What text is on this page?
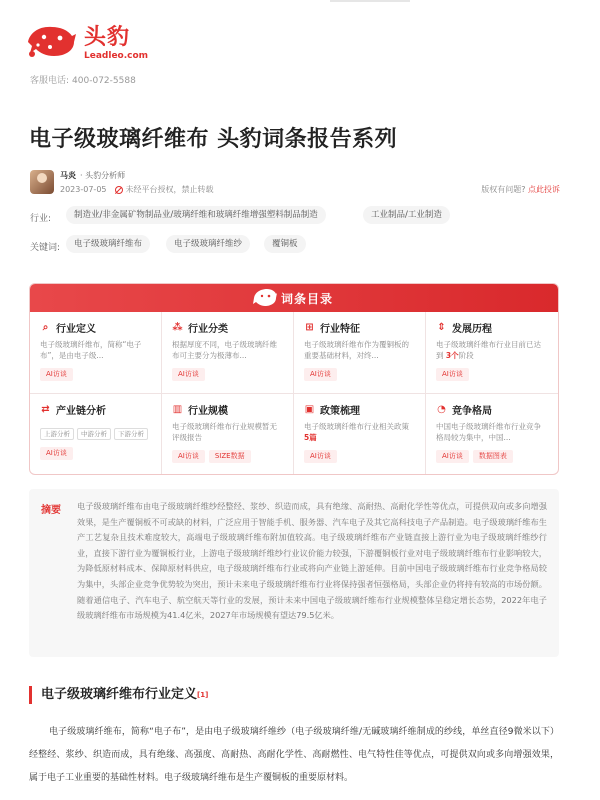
头豹
Leadleo.com
客服电话: 400-072-5588
电子级玻璃纤维布 头豹词条报告系列
马炎 · 头豹分析师
2023-07-05 未经平台授权，禁止转载	版权有问题? 点此投诉
行业:	制造业/非金属矿物制品业/玻璃纤维和玻璃纤维增强塑料制品制造	工业制品/工业制造
关键词:	电子级玻璃纤维布	电子级玻璃纤维纱	覆铜板
词条目录
⌕ 行业定义
电子级玻璃纤维布，简称“电子布”，是由电子级...
AI访谈
⁂ 行业分类
根据厚度不同，电子级玻璃纤维布可主要分为极薄布...
AI访谈
⊞ 行业特征
电子级玻璃纤维布作为覆铜板的重要基础材料，对终...
AI访谈
⇕ 发展历程
电子级玻璃纤维布行业目前已达到 3个阶段
AI访谈
⇄ 产业链分析
上游分析 中游分析 下游分析
AI访谈
▥ 行业规模
电子级玻璃纤维布行业规模暂无评级报告
AI访谈 SIZE数据
▣ 政策梳理
电子级玻璃纤维布行业相关政策 5篇
AI访谈
◔ 竞争格局
中国电子级玻璃纤维布行业竞争格局较为集中，中国...
AI访谈 数据图表
摘要 电子级玻璃纤维布由电子级玻璃纤维纱经整经、浆纱、织造而成，具有绝缘、高耐热、高耐化学性等优点，可提供双向或多向增强效果，是生产覆铜板不可或缺的材料，广泛应用于智能手机、服务器、汽车电子及其它高科技电子产品制造。电子级玻璃纤维布生产工艺复杂且技术难度较大，高端电子级玻璃纤维布附加值较高。电子级玻璃纤维布产业链直接上游行业为电子级玻璃纤维纱行业，直接下游行业为覆铜板行业，上游电子级玻璃纤维纱行业议价能力较强，下游覆铜板行业对电子级玻璃纤维布行业影响较大，为降低原材料成本、保障原材料供应，电子级玻璃纤维布行业或将向产业链上游延伸。目前中国电子级玻璃纤维布行业竞争格局较为集中，头部企业竞争优势较为突出，预计未来电子级玻璃纤维布行业将保持强者恒强格局，头部企业仍将持有较高的市场份额。随着通信电子、汽车电子、航空航天等行业的发展，预计未来中国电子级玻璃纤维布行业规模整体呈稳定增长态势，2022年电子级玻璃纤维布市场规模为41.4亿米，2027年市场规模有望达79.5亿米。

电子级玻璃纤维布行业定义[1]

电子级玻璃纤维布，简称“电子布”，是由电子级玻璃纤维纱（电子级玻璃纤维/无碱玻璃纤维制成的纱线，单丝直径9微米以下）经整经、浆纱、织造而成，具有绝缘、高强度、高耐热、高耐化学性、高耐燃性、电气特性佳等优点，可提供双向或多向增强效果，属于电子工业重要的基础性材料。电子级玻璃纤维布是生产覆铜板的重要原材料。
